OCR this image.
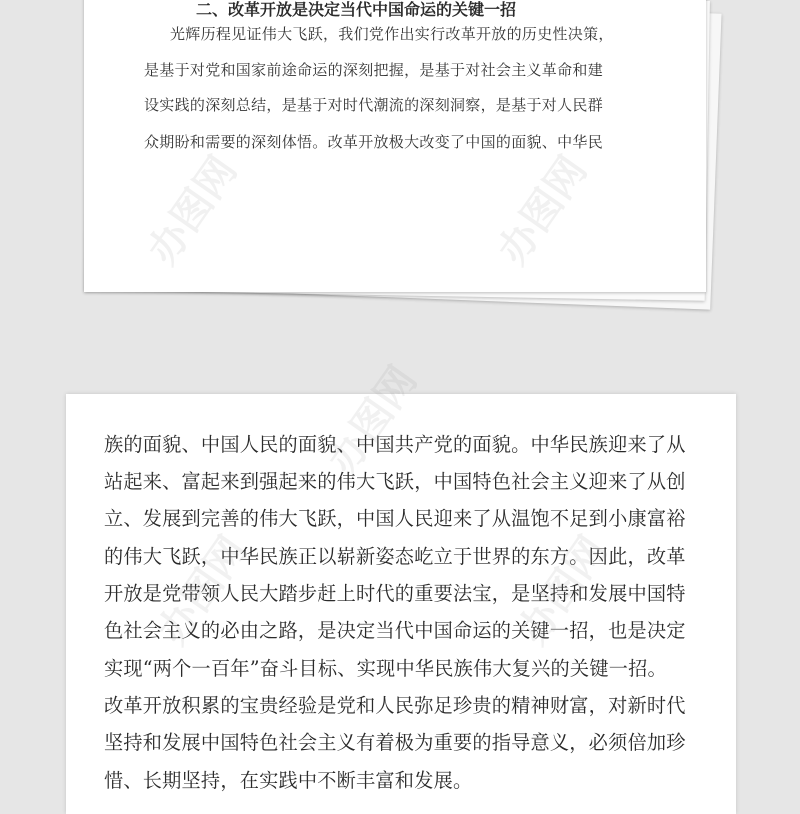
二、改革开放是决定当代中国命运的关键一招
光辉历程见证伟大飞跃，我们党作出实行改革开放的历史性决策，
是基于对党和国家前途命运的深刻把握，是基于对社会主义革命和建
设实践的深刻总结，是基于对时代潮流的深刻洞察，是基于对人民群
众期盼和需要的深刻体悟。改革开放极大改变了中国的面貌、中华民
族的面貌、中国人民的面貌、中国共产党的面貌。中华民族迎来了从
站起来、富起来到强起来的伟大飞跃，中国特色社会主义迎来了从创
立、发展到完善的伟大飞跃，中国人民迎来了从温饱不足到小康富裕
的伟大飞跃，中华民族正以崭新姿态屹立于世界的东方。因此，改革
开放是党带领人民大踏步赶上时代的重要法宝，是坚持和发展中国特
色社会主义的必由之路，是决定当代中国命运的关键一招，也是决定
实现“两个一百年”奋斗目标、实现中华民族伟大复兴的关键一招。
改革开放积累的宝贵经验是党和人民弥足珍贵的精神财富，对新时代
坚持和发展中国特色社会主义有着极为重要的指导意义，必须倍加珍
惜、长期坚持，在实践中不断丰富和发展。
